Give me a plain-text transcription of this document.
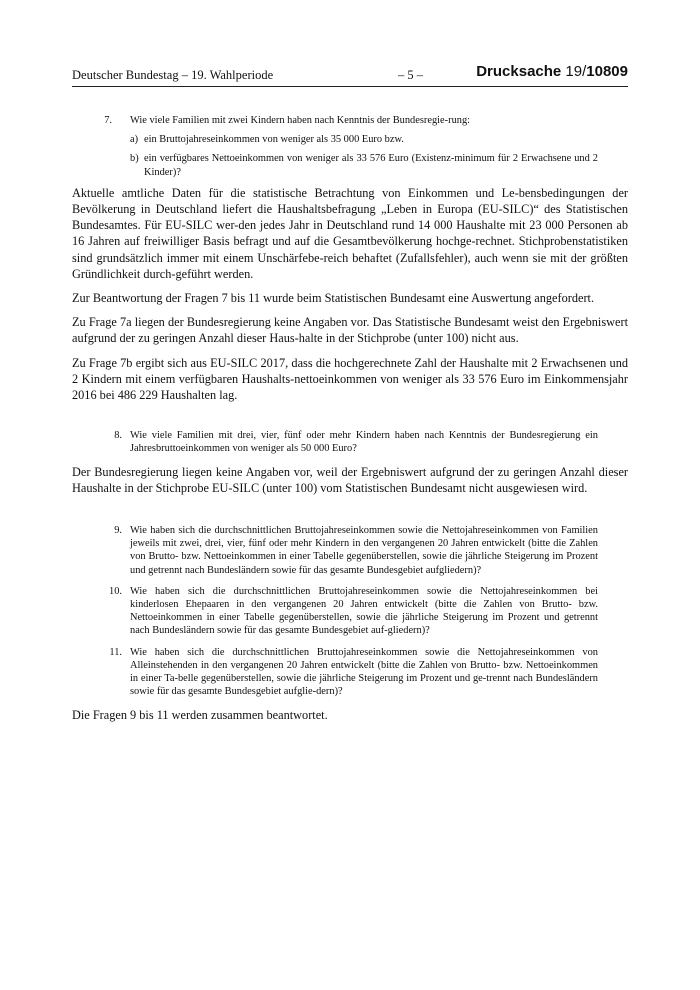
Deutscher Bundestag – 19. Wahlperiode	– 5 –	Drucksache 19/10809
7. Wie viele Familien mit zwei Kindern haben nach Kenntnis der Bundesregie-rung:
a) ein Bruttojahreseinkommen von weniger als 35 000 Euro bzw.
b) ein verfügbares Nettoeinkommen von weniger als 33 576 Euro (Existenz-minimum für 2 Erwachsene und 2 Kinder)?

Aktuelle amtliche Daten für die statistische Betrachtung von Einkommen und Le-bensbedingungen der Bevölkerung in Deutschland liefert die Haushaltsbefragung „Leben in Europa (EU-SILC)“ des Statistischen Bundesamtes. Für EU-SILC wer-den jedes Jahr in Deutschland rund 14 000 Haushalte mit 23 000 Personen ab 16 Jahren auf freiwilliger Basis befragt und auf die Gesamtbevölkerung hochge-rechnet. Stichprobenstatistiken sind grundsätzlich immer mit einem Unschärfebe-reich behaftet (Zufallsfehler), auch wenn sie mit der größten Gründlichkeit durch-geführt werden.

Zur Beantwortung der Fragen 7 bis 11 wurde beim Statistischen Bundesamt eine Auswertung angefordert.

Zu Frage 7a liegen der Bundesregierung keine Angaben vor. Das Statistische Bundesamt weist den Ergebniswert aufgrund der zu geringen Anzahl dieser Haus-halte in der Stichprobe (unter 100) nicht aus.

Zu Frage 7b ergibt sich aus EU-SILC 2017, dass die hochgerechnete Zahl der Haushalte mit 2 Erwachsenen und 2 Kindern mit einem verfügbaren Haushalts-nettoeinkommen von weniger als 33 576 Euro im Einkommensjahr 2016 bei 486 229 Haushalten lag.

8. Wie viele Familien mit drei, vier, fünf oder mehr Kindern haben nach Kenntnis der Bundesregierung ein Jahresbruttoeinkommen von weniger als 50 000 Euro?

Der Bundesregierung liegen keine Angaben vor, weil der Ergebniswert aufgrund der zu geringen Anzahl dieser Haushalte in der Stichprobe EU-SILC (unter 100) vom Statistischen Bundesamt nicht ausgewiesen wird.

9. Wie haben sich die durchschnittlichen Bruttojahreseinkommen sowie die Nettojahreseinkommen von Familien jeweils mit zwei, drei, vier, fünf oder mehr Kindern in den vergangenen 20 Jahren entwickelt (bitte die Zahlen von Brutto- bzw. Nettoeinkommen in einer Tabelle gegenüberstellen, sowie die jährliche Steigerung im Prozent und getrennt nach Bundesländern sowie für das gesamte Bundesgebiet aufgliedern)?
10. Wie haben sich die durchschnittlichen Bruttojahreseinkommen sowie die Nettojahreseinkommen bei kinderlosen Ehepaaren in den vergangenen 20 Jahren entwickelt (bitte die Zahlen von Brutto- bzw. Nettoeinkommen in einer Tabelle gegenüberstellen, sowie die jährliche Steigerung im Prozent und getrennt nach Bundesländern sowie für das gesamte Bundesgebiet auf-gliedern)?
11. Wie haben sich die durchschnittlichen Bruttojahreseinkommen sowie die Nettojahreseinkommen von Alleinstehenden in den vergangenen 20 Jahren entwickelt (bitte die Zahlen von Brutto- bzw. Nettoeinkommen in einer Ta-belle gegenüberstellen, sowie die jährliche Steigerung im Prozent und ge-trennt nach Bundesländern sowie für das gesamte Bundesgebiet aufglie-dern)?

Die Fragen 9 bis 11 werden zusammen beantwortet.
